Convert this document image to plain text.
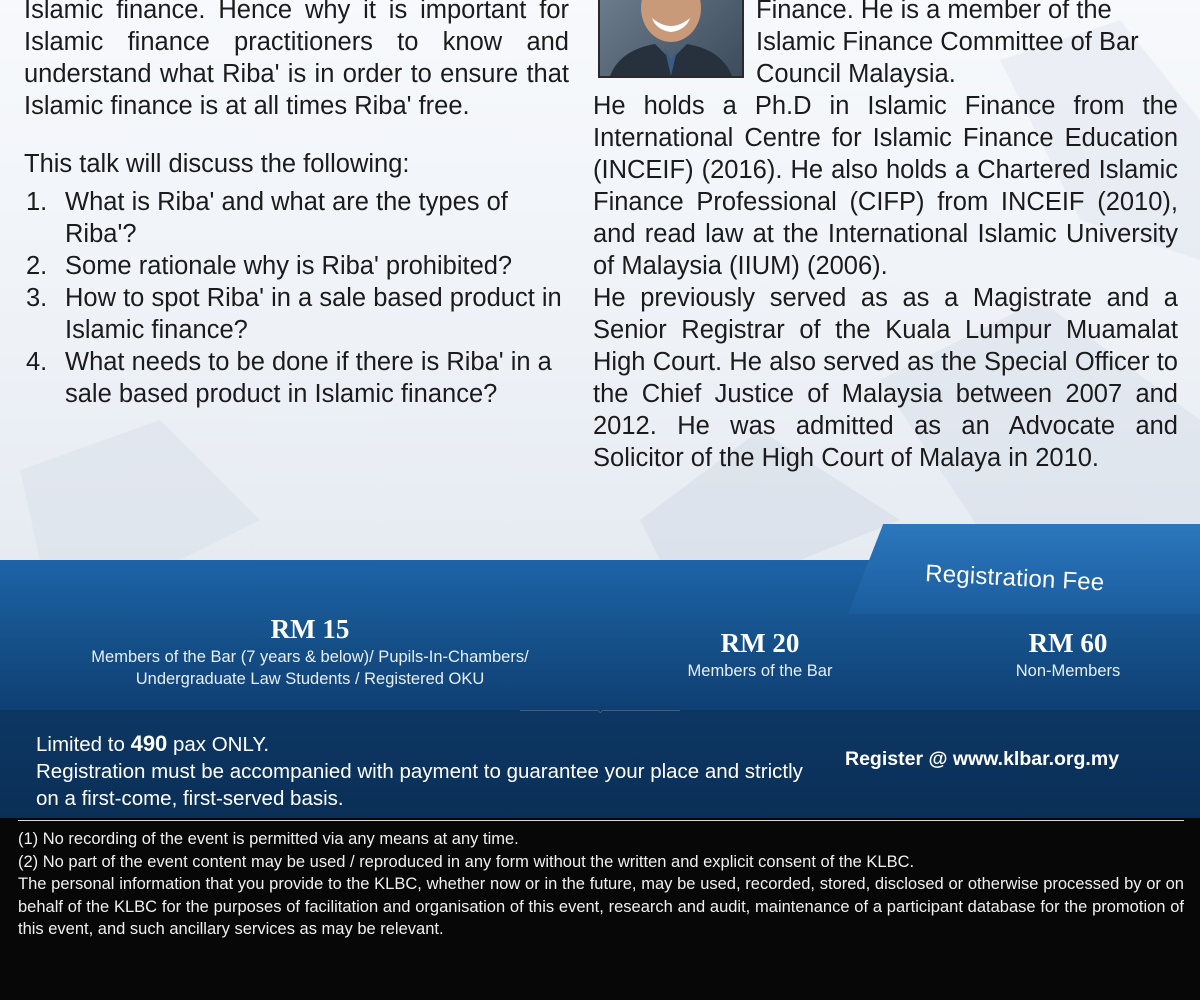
Islamic finance. Hence why it is important for Islamic finance practitioners to know and understand what Riba' is in order to ensure that Islamic finance is at all times Riba' free.

This talk will discuss the following:

1. What is Riba' and what are the types of Riba'?
2. Some rationale why is Riba' prohibited?
3. How to spot Riba' in a sale based product in Islamic finance?
4. What needs to be done if there is Riba' in a sale based product in Islamic finance?

Finance. He is a member of the Islamic Finance Committee of Bar Council Malaysia.

He holds a Ph.D in Islamic Finance from the International Centre for Islamic Finance Education (INCEIF) (2016). He also holds a Chartered Islamic Finance Professional (CIFP) from INCEIF (2010), and read law at the International Islamic University of Malaysia (IIUM) (2006).

He previously served as as a Magistrate and a Senior Registrar of the Kuala Lumpur Muamalat High Court. He also served as the Special Officer to the Chief Justice of Malaysia between 2007 and 2012. He was admitted as an Advocate and Solicitor of the High Court of Malaya in 2010.

Registration Fee
RM 15
Members of the Bar (7 years & below)/ Pupils-In-Chambers/
Undergraduate Law Students / Registered OKU
RM 20
Members of the Bar
RM 60
Non-Members
Limited to 490 pax ONLY.
Registration must be accompanied with payment to guarantee your place and strictly on a first-come, first-served basis.
Register @ www.klbar.org.my

(1) No recording of the event is permitted via any means at any time.

(2) No part of the event content may be used / reproduced in any form without the written and explicit consent of the KLBC.

The personal information that you provide to the KLBC, whether now or in the future, may be used, recorded, stored, disclosed or otherwise processed by or on behalf of the KLBC for the purposes of facilitation and organisation of this event, research and audit, maintenance of a participant database for the promotion of this event, and such ancillary services as may be relevant.
